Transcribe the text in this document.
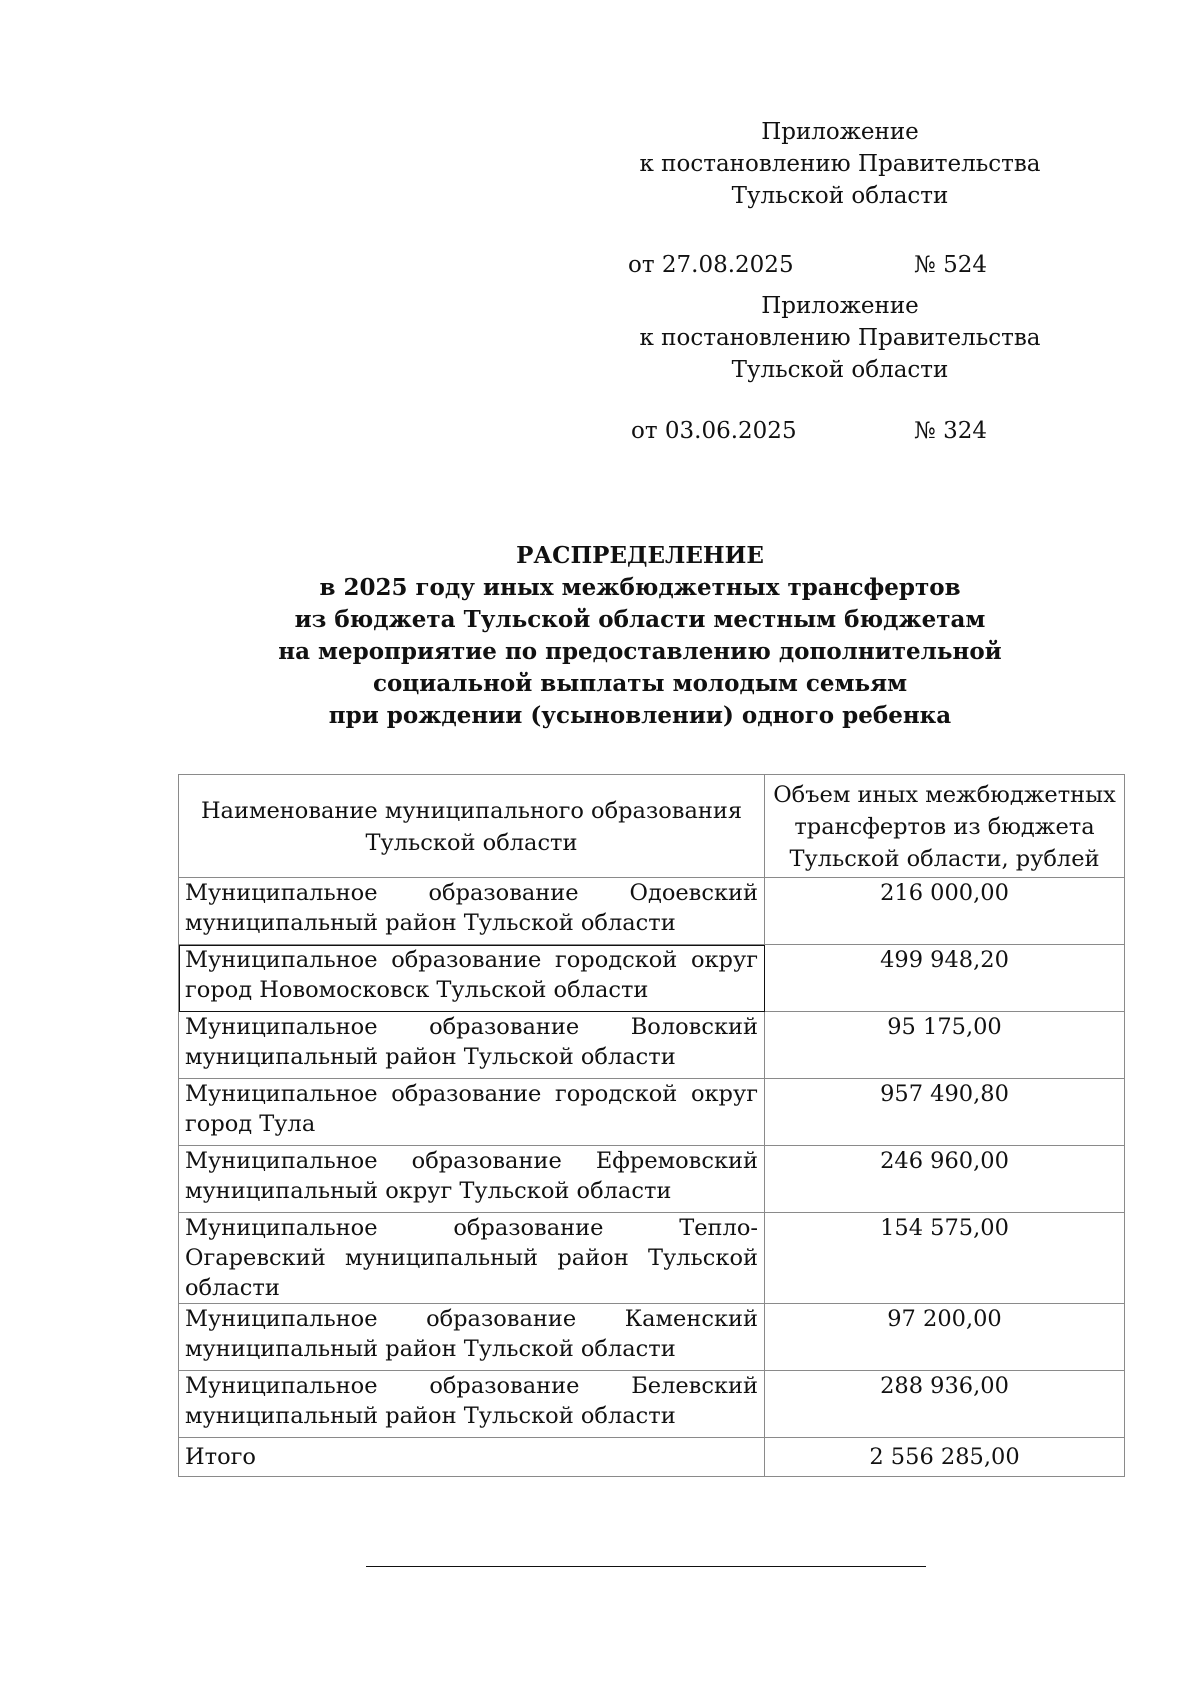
Приложение
к постановлению Правительства
Тульской области
от 27.08.2025	№ 524
Приложение
к постановлению Правительства
Тульской области
от 03.06.2025	№ 324
РАСПРЕДЕЛЕНИЕ
в 2025 году иных межбюджетных трансфертов
из бюджета Тульской области местным бюджетам
на мероприятие по предоставлению дополнительной
социальной выплаты молодым семьям
при рождении (усыновлении) одного ребенка
Наименование муниципального образования Тульской области	Объем иных межбюджетных трансфертов из бюджета Тульской области, рублей
Муниципальное образование Одоевский муниципальный район Тульской области	216 000,00
Муниципальное образование городской округ город Новомосковск Тульской области	499 948,20
Муниципальное образование Воловский муниципальный район Тульской области	95 175,00
Муниципальное образование городской округ город Тула	957 490,80
Муниципальное образование Ефремовский муниципальный округ Тульской области	246 960,00
Муниципальное образование Тепло-Огаревский муниципальный район Тульской области	154 575,00
Муниципальное образование Каменский муниципальный район Тульской области	97 200,00
Муниципальное образование Белевский муниципальный район Тульской области	288 936,00
Итого	2 556 285,00
